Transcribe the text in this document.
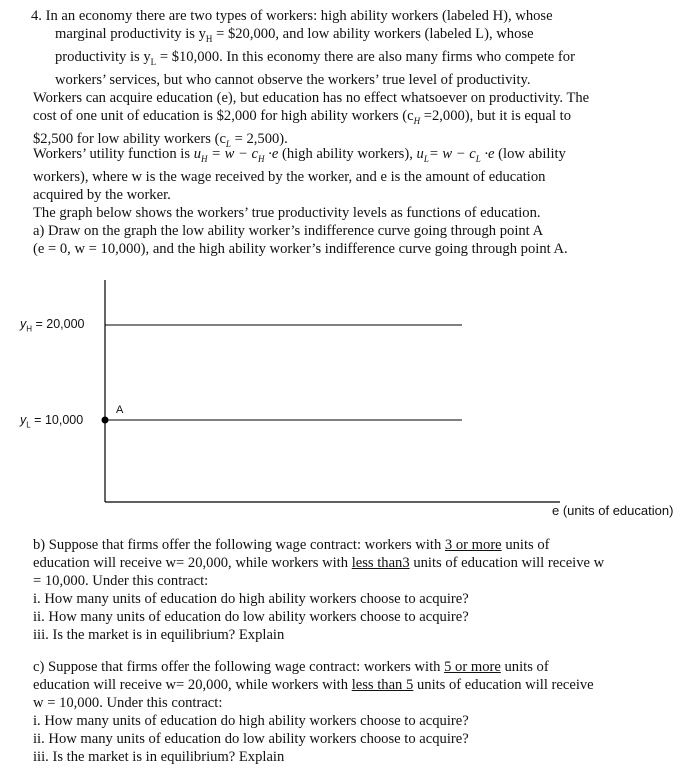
4. In an economy there are two types of workers: high ability workers (labeled H), whose
marginal productivity is $y_H$ = $20,000, and low ability workers (labeled L), whose
productivity is $y_L$ = $10,000. In this economy there are also many firms who compete for
workers’ services, but who cannot observe the workers’ true level of productivity.
Workers can acquire education (e), but education has no effect whatsoever on productivity. The
cost of one unit of education is $2,000 for high ability workers $(c_H =2,000)$, but it is equal to
$2,500 for low ability workers $(c_L = 2,500)$.
Workers’ utility function is $u_H = w - c_H \cdot e$ (high ability workers), $u_L= w - c_L \cdot e$ (low ability
workers), where w is the wage received by the worker, and e is the amount of education
acquired by the worker.
The graph below shows the workers’ true productivity levels as functions of education.
a) Draw on the graph the low ability worker’s indifference curve going through point A
(e = 0, w = 10,000), and the high ability worker’s indifference curve going through point A.
$y_H = 20,000$
$y_L = 10,000$
A
e (units of education)
b) Suppose that firms offer the following wage contract: workers with 3 or more units of
education will receive w= 20,000, while workers with less than3 units of education will receive w
= 10,000. Under this contract:
i. How many units of education do high ability workers choose to acquire?
ii. How many units of education do low ability workers choose to acquire?
iii. Is the market is in equilibrium? Explain
c) Suppose that firms offer the following wage contract: workers with 5 or more units of
education will receive w= 20,000, while workers with less than 5 units of education will receive
w = 10,000. Under this contract:
i. How many units of education do high ability workers choose to acquire?
ii. How many units of education do low ability workers choose to acquire?
iii. Is the market is in equilibrium? Explain
